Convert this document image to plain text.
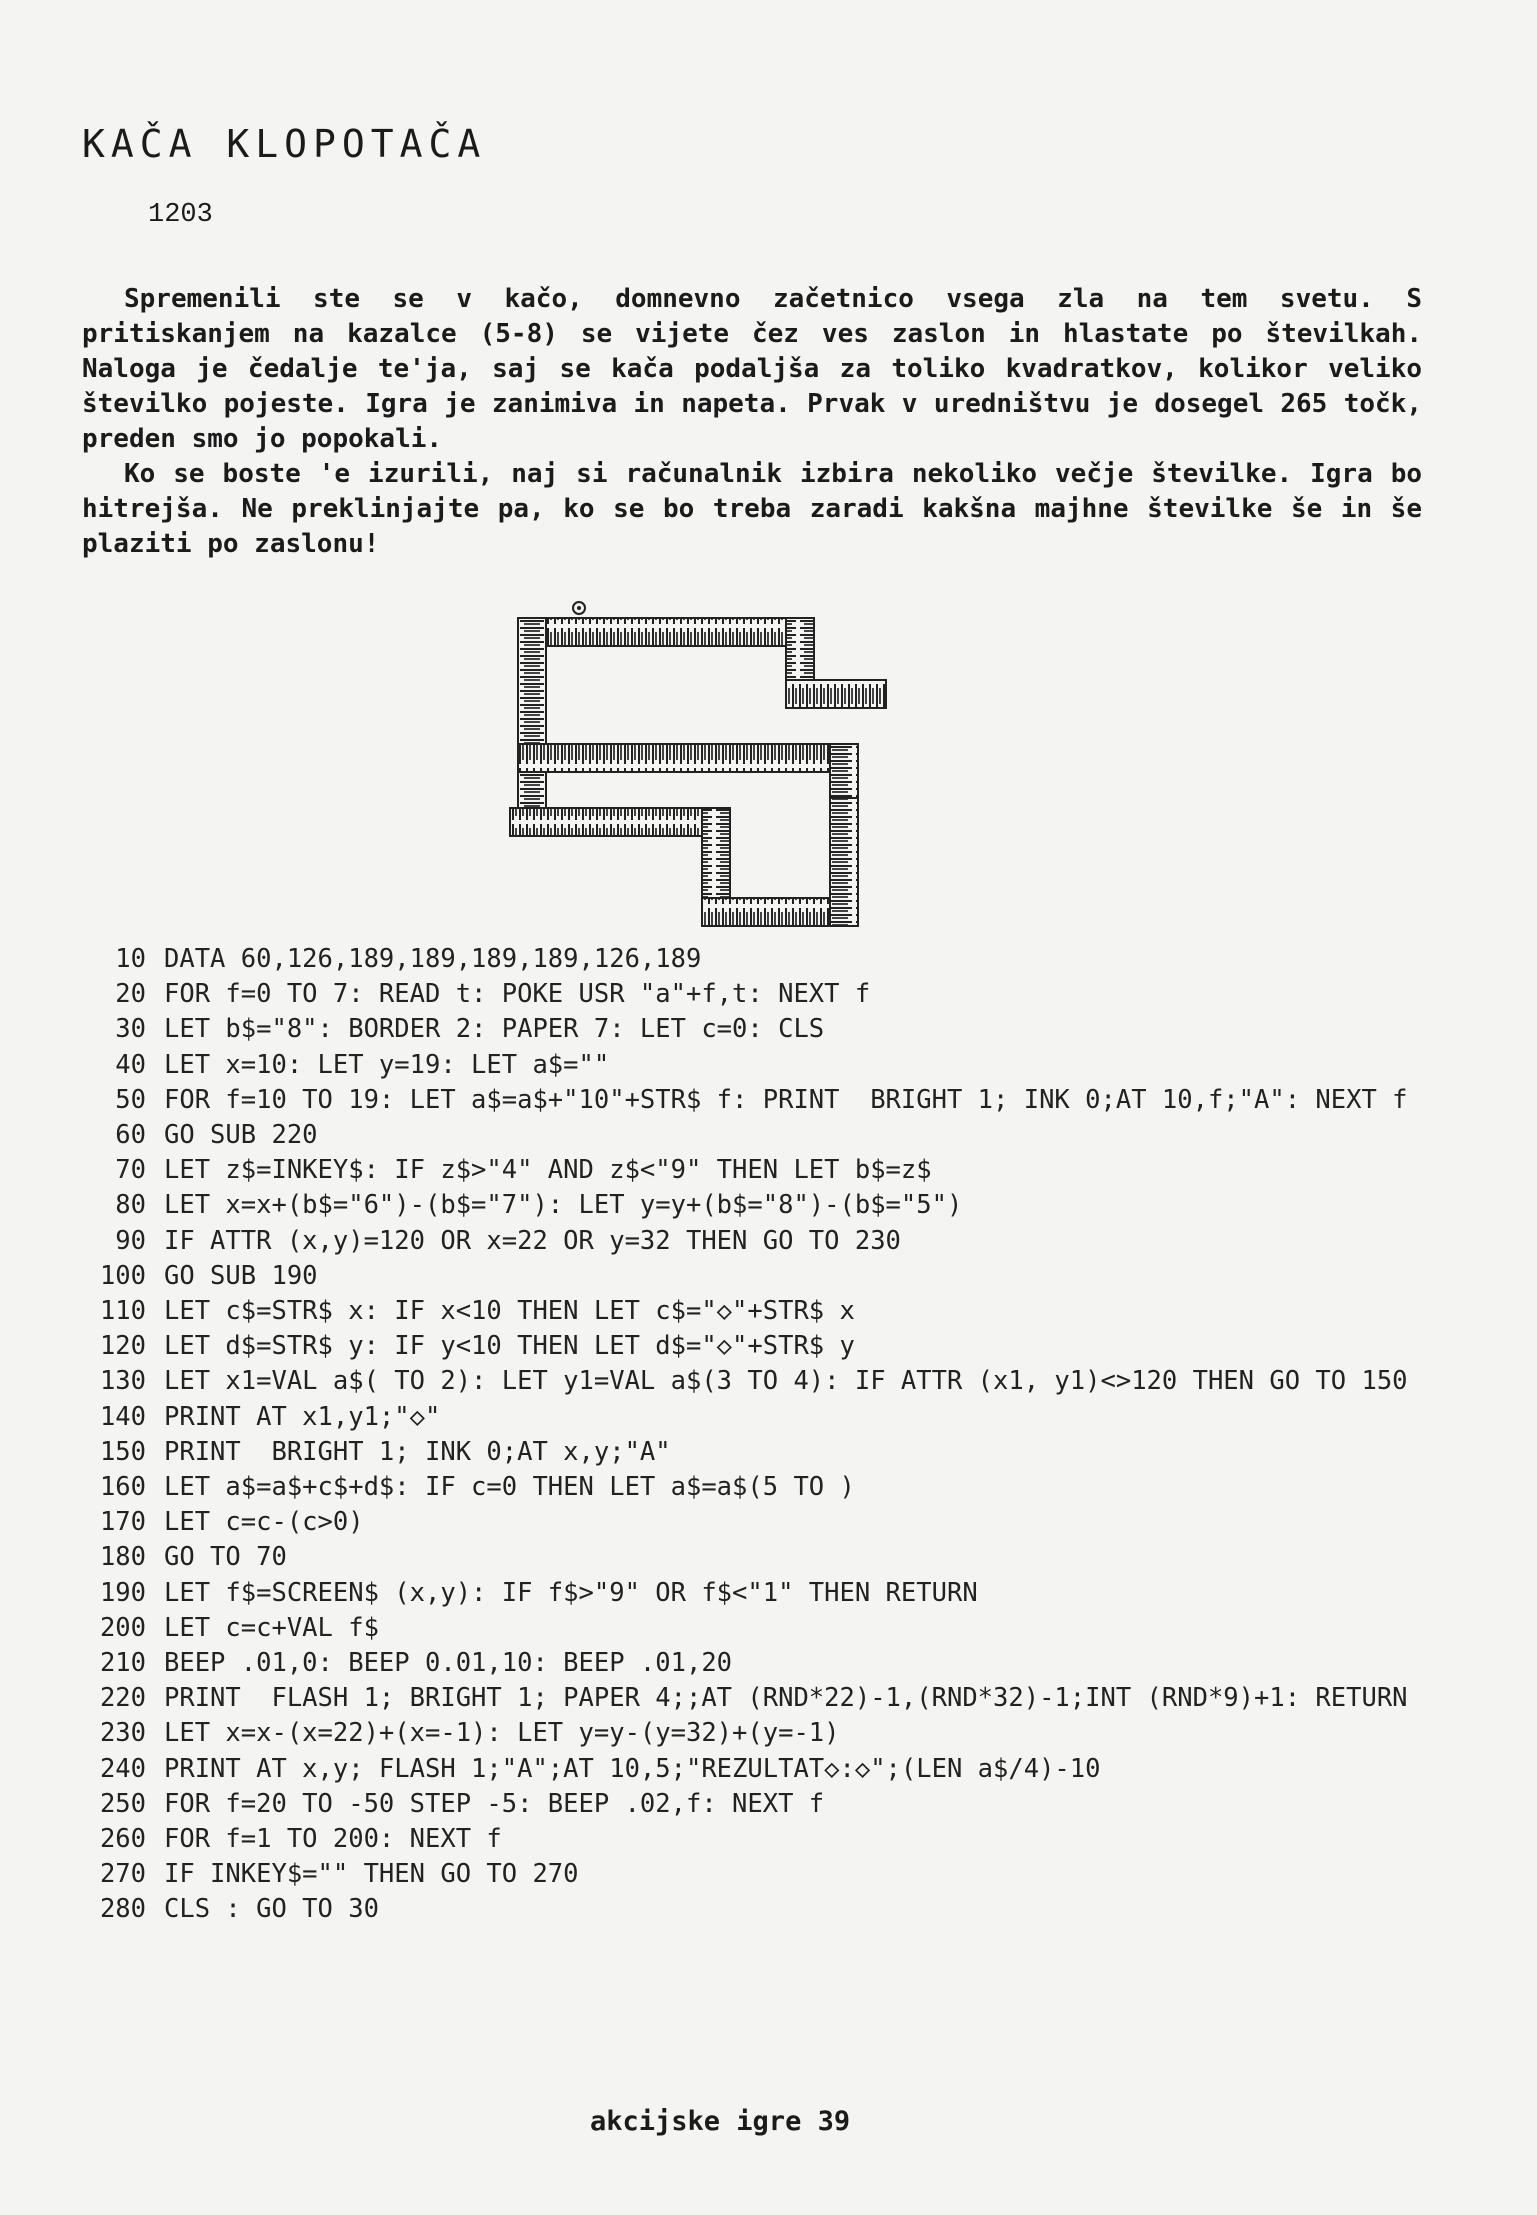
KAČA KLOPOTAČA
1203

Spremenili ste se v kačo, domnevno začetnico vsega zla na tem svetu. S pritiskanjem na kazalce (5-8) se vijete čez ves zaslon in hlastate po številkah. Naloga je čedalje te'ja, saj se kača podaljša za toliko kvadratkov, kolikor veliko številko pojeste. Igra je zanimiva in napeta. Prvak v uredništvu je dosegel 265 točk, preden smo jo popokali.

Ko se boste 'e izurili, naj si računalnik izbira nekoliko večje številke. Igra bo hitrejša. Ne preklinjajte pa, ko se bo treba zaradi kakšna majhne številke še in še plaziti po zaslonu!

10 DATA 60,126,189,189,189,189,126,189
20 FOR f=0 TO 7: READ t: POKE USR "a"+f,t: NEXT f
30 LET b$="8": BORDER 2: PAPER 7: LET c=0: CLS
40 LET x=10: LET y=19: LET a$=""
50 FOR f=10 TO 19: LET a$=a$+"10"+STR$ f: PRINT  BRIGHT 1; INK 0;AT 10,f;"A": NEXT f
60 GO SUB 220
70 LET z$=INKEY$: IF z$>"4" AND z$<"9" THEN LET b$=z$
80 LET x=x+(b$="6")-(b$="7"): LET y=y+(b$="8")-(b$="5")
90 IF ATTR (x,y)=120 OR x=22 OR y=32 THEN GO TO 230
100 GO SUB 190
110 LET c$=STR$ x: IF x<10 THEN LET c$="◇"+STR$ x
120 LET d$=STR$ y: IF y<10 THEN LET d$="◇"+STR$ y
130 LET x1=VAL a$( TO 2): LET y1=VAL a$(3 TO 4): IF ATTR (x1, y1)<>120 THEN GO TO 150
140 PRINT AT x1,y1;"◇"
150 PRINT  BRIGHT 1; INK 0;AT x,y;"A"
160 LET a$=a$+c$+d$: IF c=0 THEN LET a$=a$(5 TO )
170 LET c=c-(c>0)
180 GO TO 70
190 LET f$=SCREEN$ (x,y): IF f$>"9" OR f$<"1" THEN RETURN
200 LET c=c+VAL f$
210 BEEP .01,0: BEEP 0.01,10: BEEP .01,20
220 PRINT  FLASH 1; BRIGHT 1; PAPER 4;;AT (RND*22)-1,(RND*32)-1;INT (RND*9)+1: RETURN
230 LET x=x-(x=22)+(x=-1): LET y=y-(y=32)+(y=-1)
240 PRINT AT x,y; FLASH 1;"A";AT 10,5;"REZULTAT◇:◇";(LEN a$/4)-10
250 FOR f=20 TO -50 STEP -5: BEEP .02,f: NEXT f
260 FOR f=1 TO 200: NEXT f
270 IF INKEY$="" THEN GO TO 270
280 CLS : GO TO 30
akcijske igre 39
